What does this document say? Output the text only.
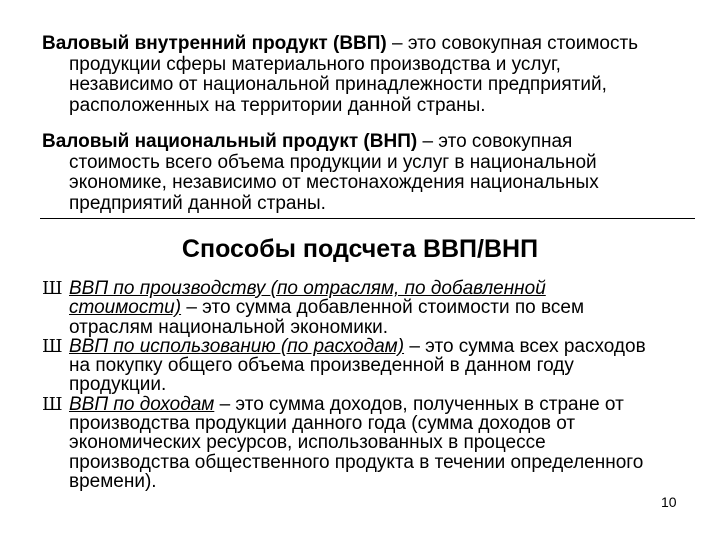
Валовый внутренний продукт (ВВП) – это совокупная стоимость
продукции сферы материального производства и услуг,
независимо от национальной принадлежности предприятий,
расположенных на территории данной страны.
Валовый национальный продукт (ВНП) – это совокупная
стоимость всего объема продукции и услуг в национальной
экономике, независимо от местонахождения национальных
предприятий данной страны.
Способы подсчета ВВП/ВНП
Ш ВВП по производству (по отраслям, по добавленной
стоимости) – это сумма добавленной стоимости по всем
отраслям национальной экономики.
Ш ВВП по использованию (по расходам) – это сумма всех расходов
на покупку общего объема произведенной в данном году
продукции.
Ш ВВП по доходам – это сумма доходов, полученных в стране от
производства продукции данного года (сумма доходов от
экономических ресурсов, использованных в процессе
производства общественного продукта в течении определенного
времени).
10
